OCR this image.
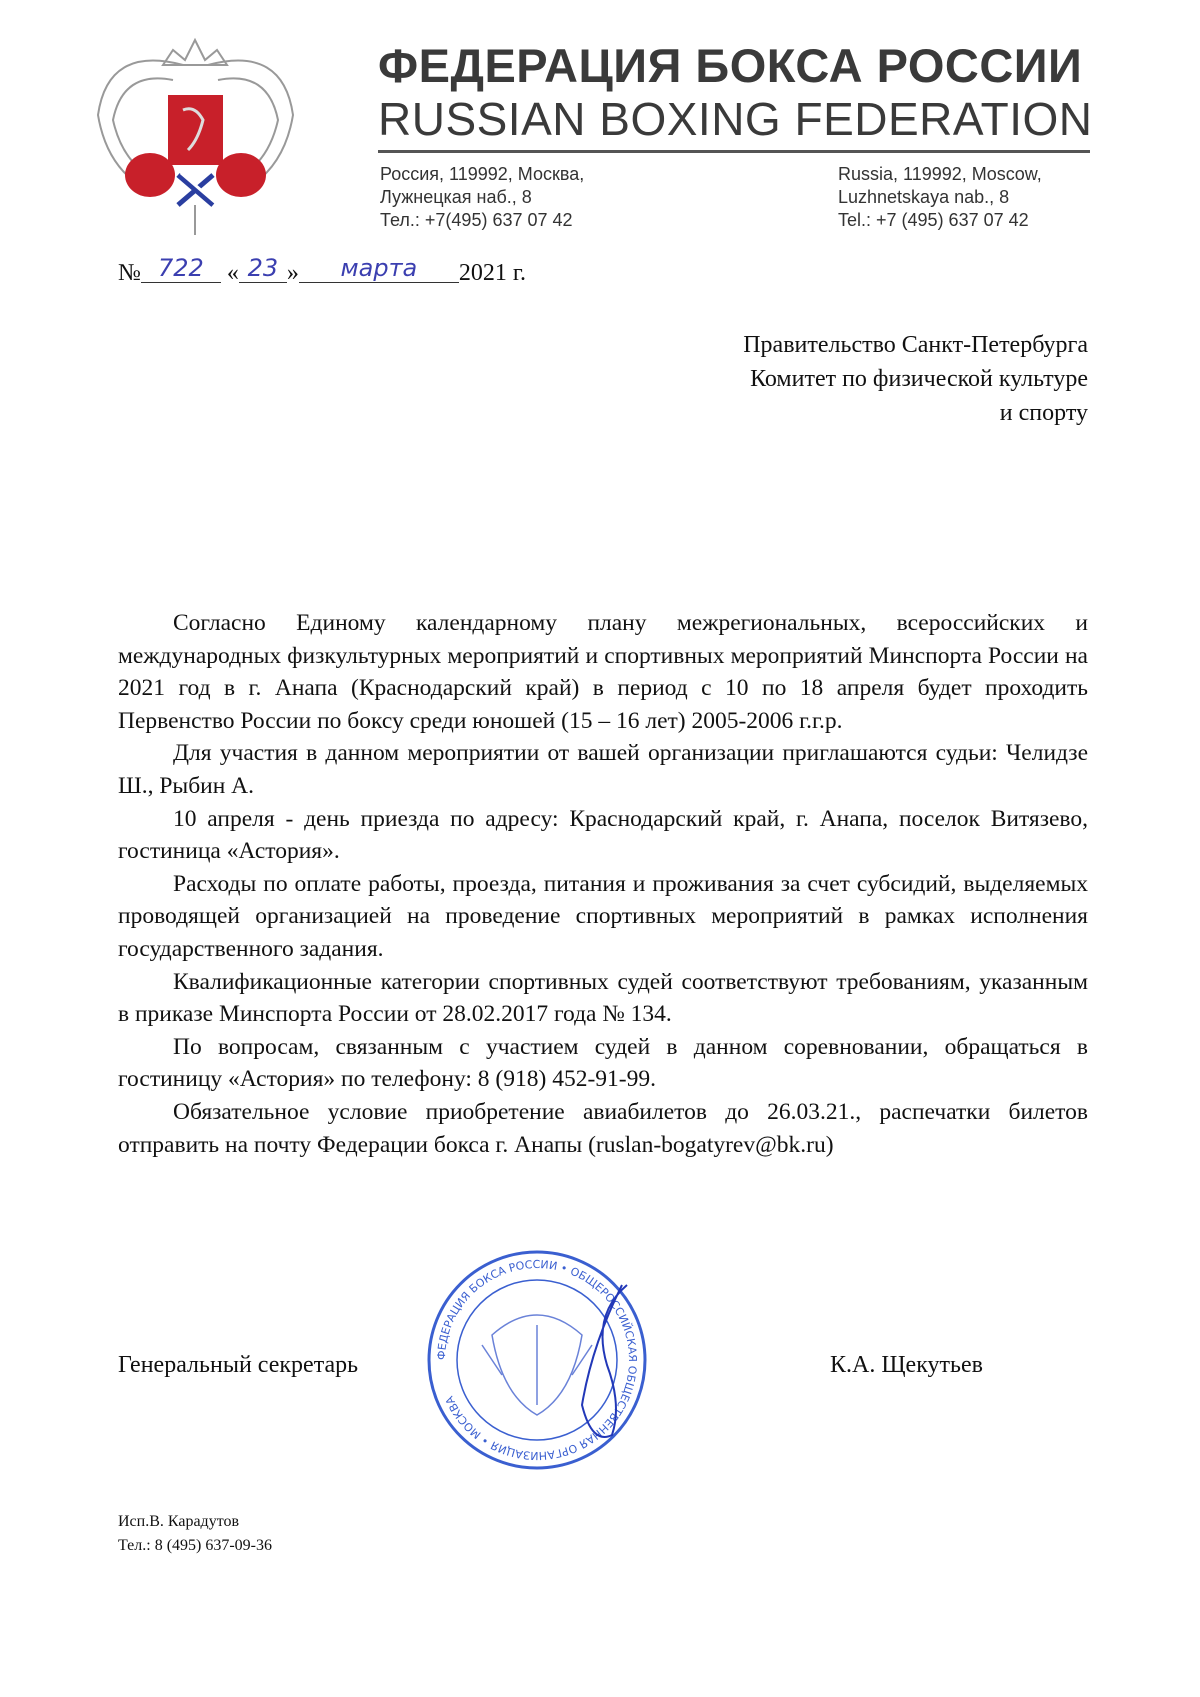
ФЕДЕРАЦИЯ БОКСА РОССИИ
RUSSIAN BOXING FEDERATION
Россия, 119992, Москва,
Лужнецкая наб., 8
Тел.: +7(495) 637 07 42
Russia, 119992, Moscow,
Luzhnetskaya nab., 8
Tel.: +7 (495) 637 07 42
№ 722 « 23 » марта 2021 г.
Правительство Санкт-Петербурга
Комитет по физической культуре
и спорту

Согласно Единому календарному плану межрегиональных, всероссийских и международных физкультурных мероприятий и спортивных мероприятий Минспорта России на 2021 год в г. Анапа (Краснодарский край) в период с 10 по 18 апреля будет проходить Первенство России по боксу среди юношей (15 – 16 лет) 2005-2006 г.г.р.

Для участия в данном мероприятии от вашей организации приглашаются судьи: Челидзе Ш., Рыбин А.

10 апреля - день приезда по адресу: Краснодарский край, г. Анапа, поселок Витязево, гостиница «Астория».

Расходы по оплате работы, проезда, питания и проживания за счет субсидий, выделяемых проводящей организацией на проведение спортивных мероприятий в рамках исполнения государственного задания.

Квалификационные категории спортивных судей соответствуют требованиям, указанным в приказе Минспорта России от 28.02.2017 года № 134.

По вопросам, связанным с участием судей в данном соревновании, обращаться в гостиницу «Астория» по телефону: 8 (918) 452-91-99.

Обязательное условие приобретение авиабилетов до 26.03.21., распечатки билетов отправить на почту Федерации бокса г. Анапы (ruslan-bogatyrev@bk.ru)

Генеральный секретарь	ФЕДЕРАЦИЯ БОКСА РОССИИ • ОБЩЕРОССИЙСКАЯ ОБЩЕСТВЕННАЯ ОРГАНИЗАЦИЯ • МОСКВА
К.А. Щекутьев
Исп.В. Карадутов
Тел.: 8 (495) 637-09-36
